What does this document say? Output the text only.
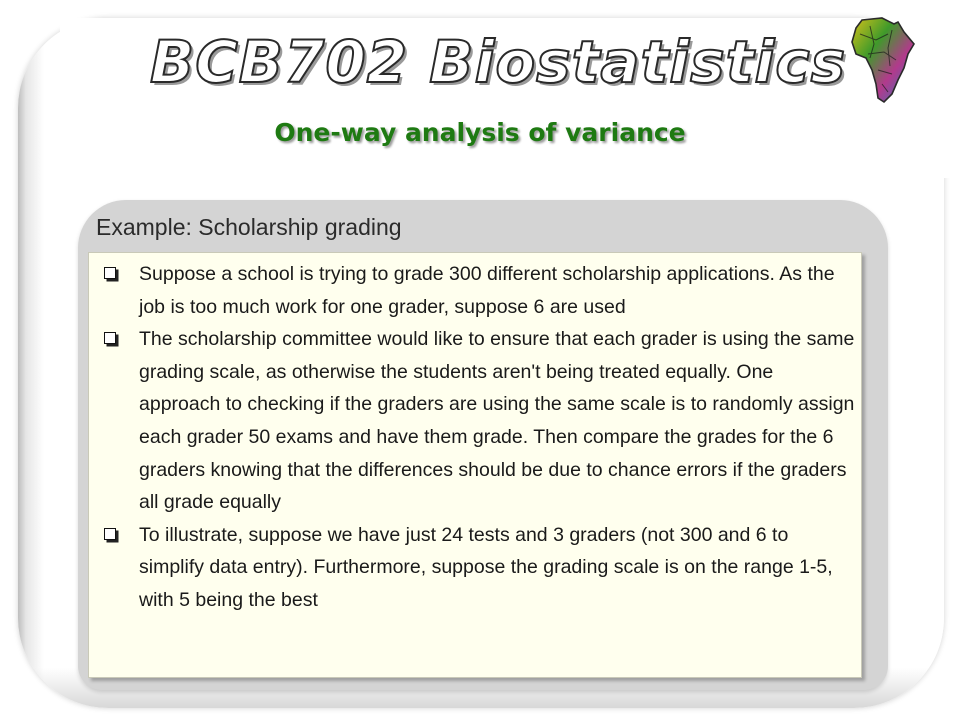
BCB702 Biostatistics
One-way analysis of variance
Example: Scholarship grading
Suppose a school is trying to grade 300 different scholarship applications. As the job is too much work for one grader, suppose 6 are used
The scholarship committee would like to ensure that each grader is using the same grading scale, as otherwise the students aren't being treated equally. One approach to checking if the graders are using the same scale is to randomly assign each grader 50 exams and have them grade. Then compare the grades for the 6 graders knowing that the differences should be due to chance errors if the graders all grade equally
To illustrate, suppose we have just 24 tests and 3 graders (not 300 and 6 to simplify data entry). Furthermore, suppose the grading scale is on the range 1-5, with 5 being the best
